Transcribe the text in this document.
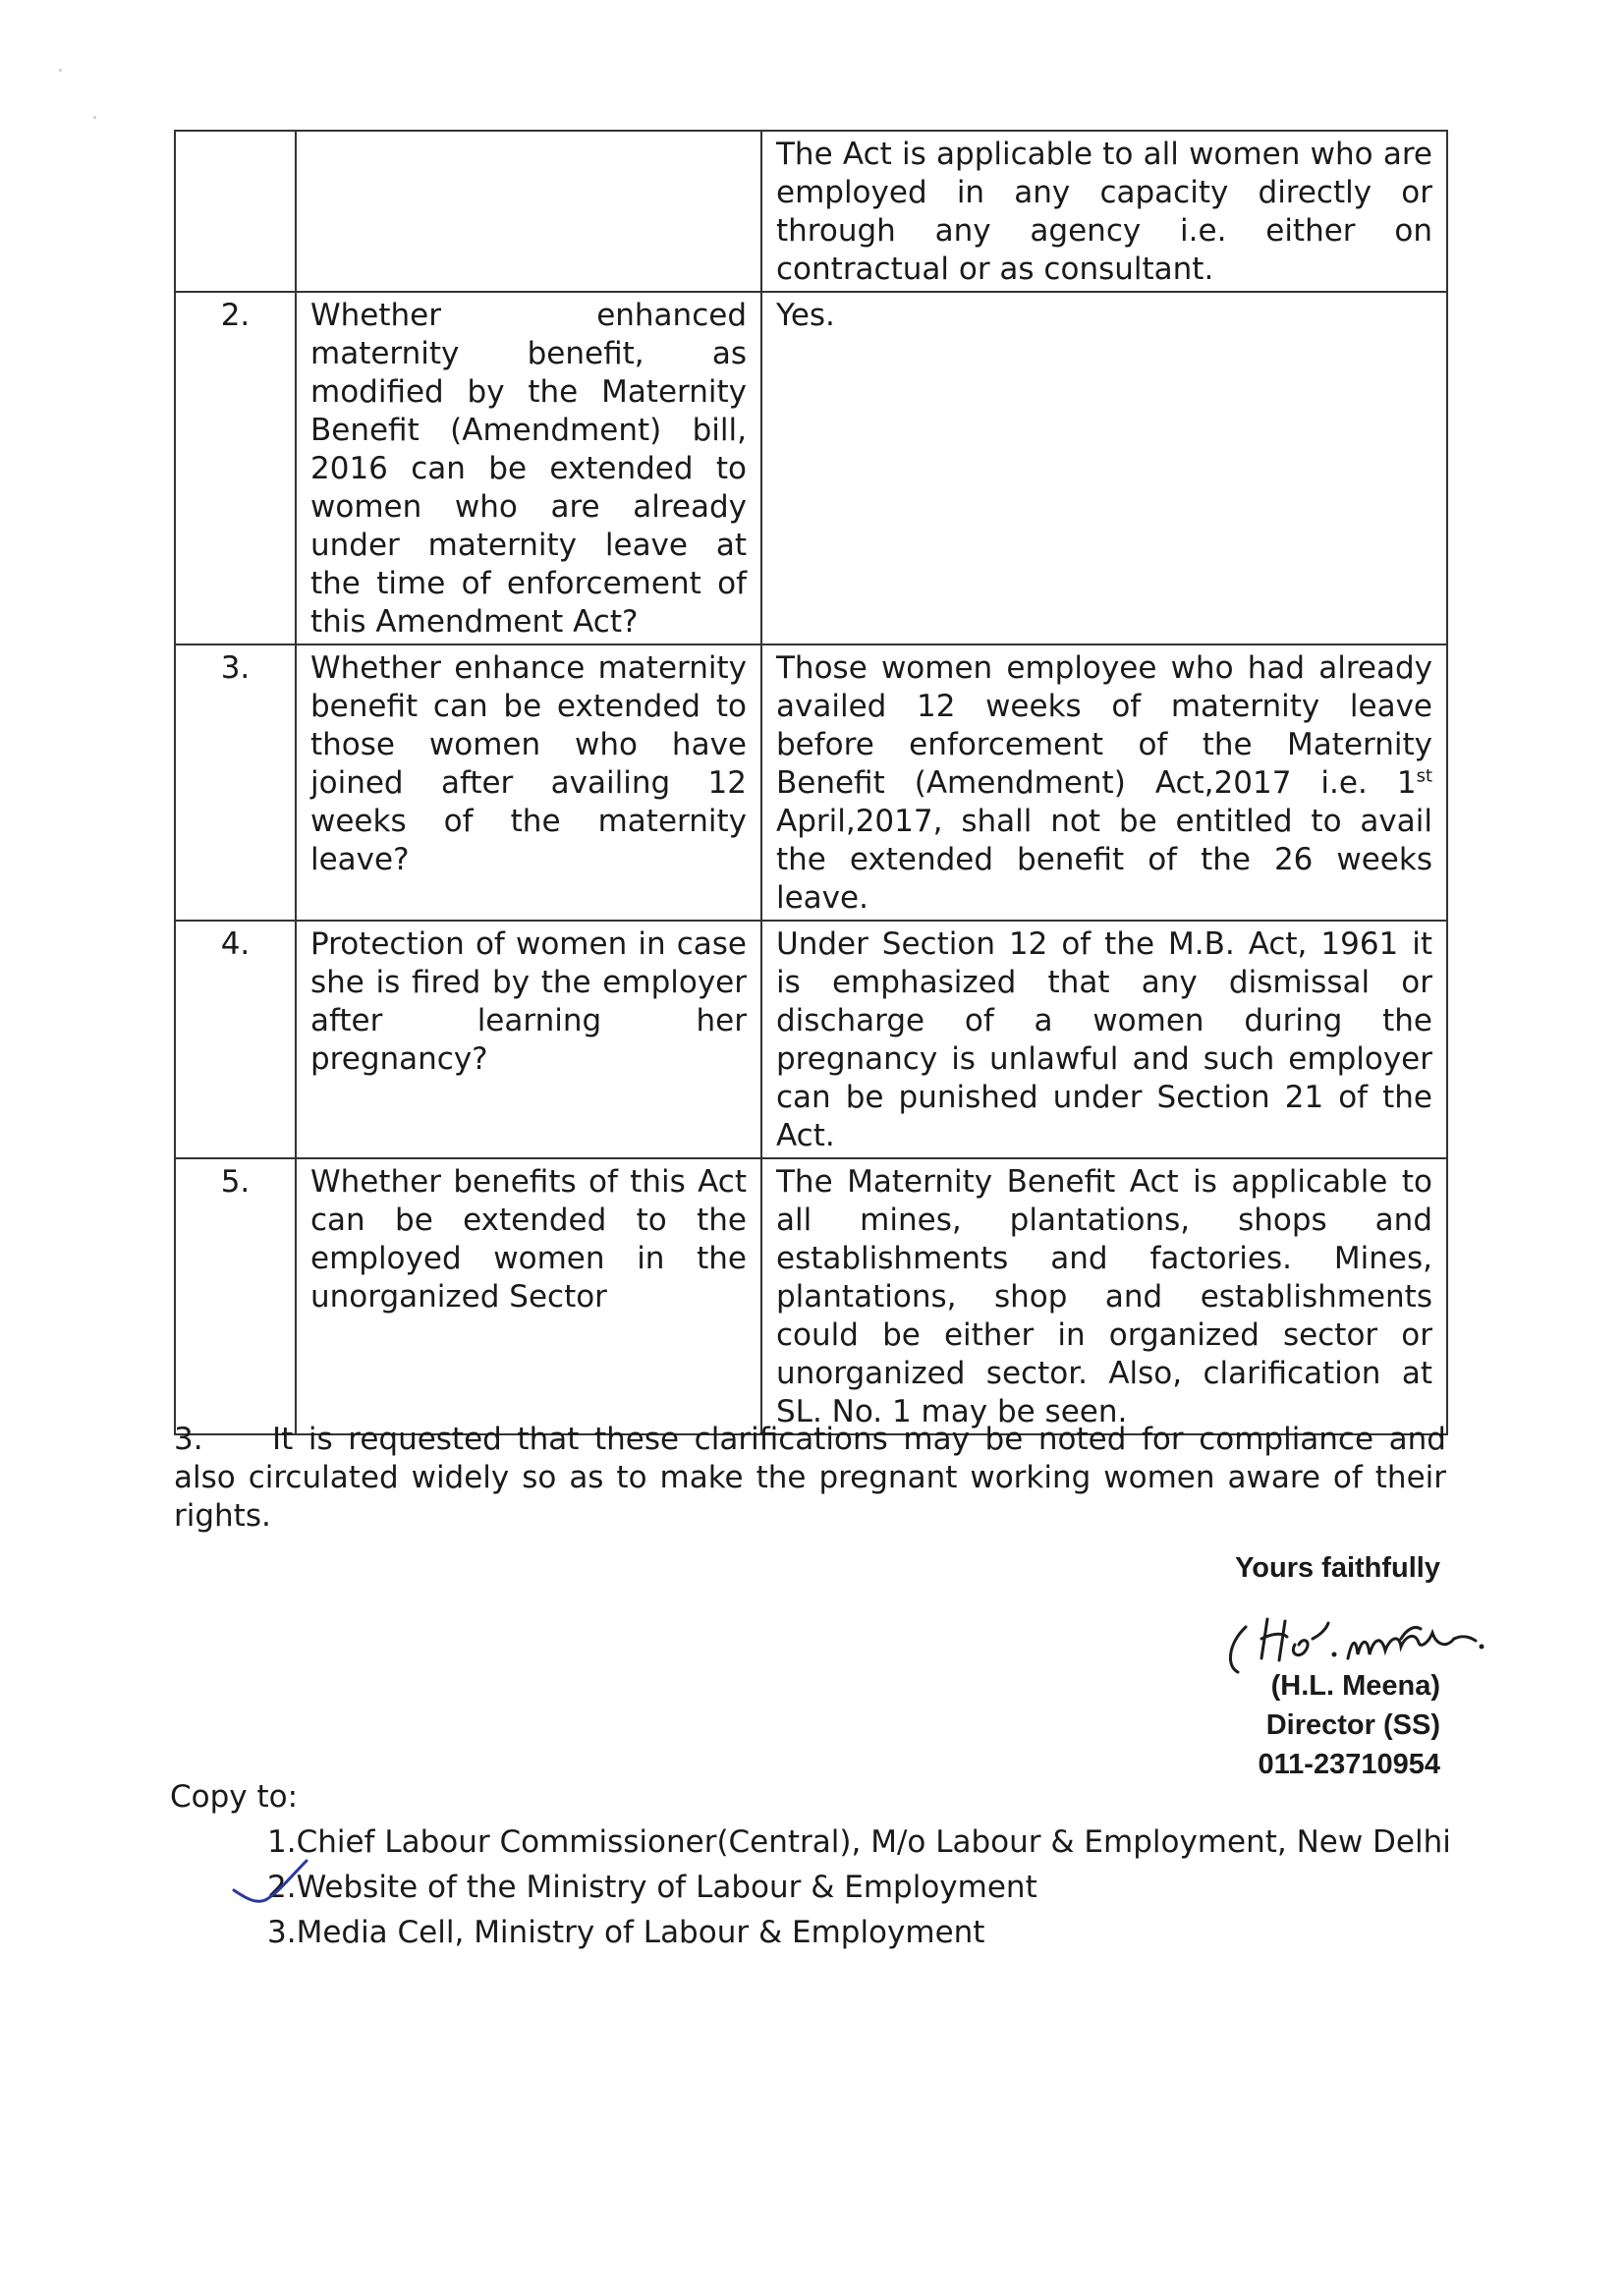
		The Act is applicable to all women who are employed in any capacity directly or through any agency i.e. either on contractual or as consultant.
2.	Whether enhanced maternity benefit, as modified by the Maternity Benefit (Amendment) bill, 2016 can be extended to women who are already under maternity leave at the time of enforcement of this Amendment Act?	Yes.
3.	Whether enhance maternity benefit can be extended to those women who have joined after availing 12 weeks of the maternity leave?	Those women employee who had already availed 12 weeks of maternity leave before enforcement of the Maternity Benefit (Amendment) Act,2017 i.e. 1st April,2017, shall not be entitled to avail the extended benefit of the 26 weeks leave.
4.	Protection of women in case she is fired by the employer after learning her pregnancy?	Under Section 12 of the M.B. Act, 1961 it is emphasized that any dismissal or discharge of a women during the pregnancy is unlawful and such employer can be punished under Section 21 of the Act.
5.	Whether benefits of this Act can be extended to the employed women in the unorganized Sector	The Maternity Benefit Act is applicable to all mines, plantations, shops and establishments and factories. Mines, plantations, shop and establishments could be either in organized sector or unorganized sector. Also, clarification at SL. No. 1 may be seen.

3. It is requested that these clarifications may be noted for compliance and also circulated widely so as to make the pregnant working women aware of their rights.

Yours faithfully
(H.L. Meena)
Director (SS)
011-23710954
Copy to:
1.Chief Labour Commissioner(Central), M/o Labour & Employment, New Delhi
2.Website of the Ministry of Labour & Employment
3.Media Cell, Ministry of Labour & Employment
